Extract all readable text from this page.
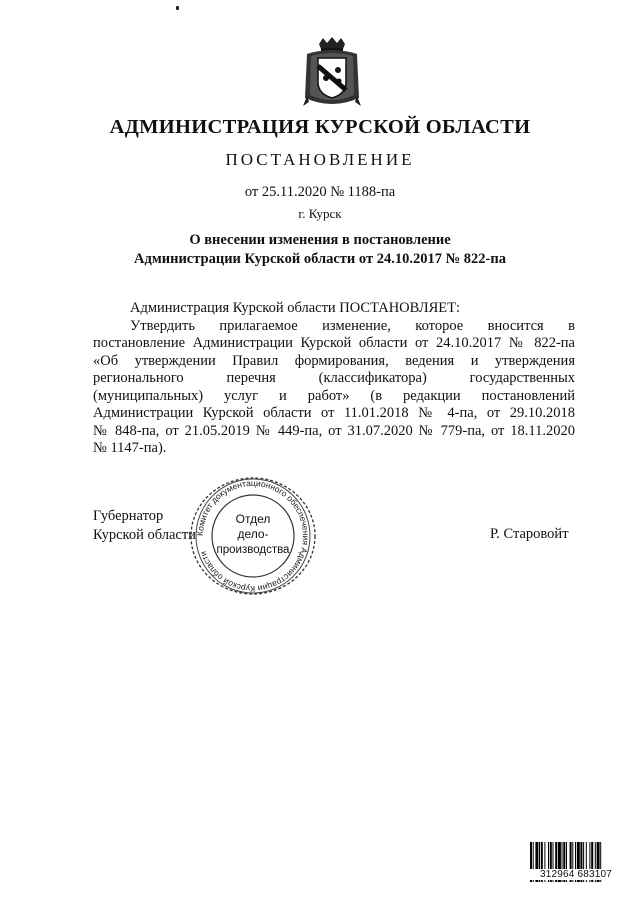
АДМИНИСТРАЦИЯ КУРСКОЙ ОБЛАСТИ
ПОСТАНОВЛЕНИЕ
от 25.11.2020 № 1188-па
г. Курск
О внесении изменения в постановление
Администрации Курской области от 24.10.2017 № 822-па
Администрация Курской области ПОСТАНОВЛЯЕТ:
Утвердить прилагаемое изменение, которое вносится в
постановление Администрации Курской области от 24.10.2017 № 822-па
«Об утверждении Правил формирования, ведения и утверждения
регионального перечня (классификатора) государственных
(муниципальных) услуг и работ» (в редакции постановлений
Администрации Курской области от 11.01.2018 № 4-па, от 29.10.2018
№ 848-па, от 21.05.2019 № 449-па, от 31.07.2020 № 779-па, от 18.11.2020
№ 1147-па).
Губернатор
Курской области Комитет документационного обеспечения Администрации Курской области
Отдел
дело-
производства
Р. Старовойт
312964 683107
